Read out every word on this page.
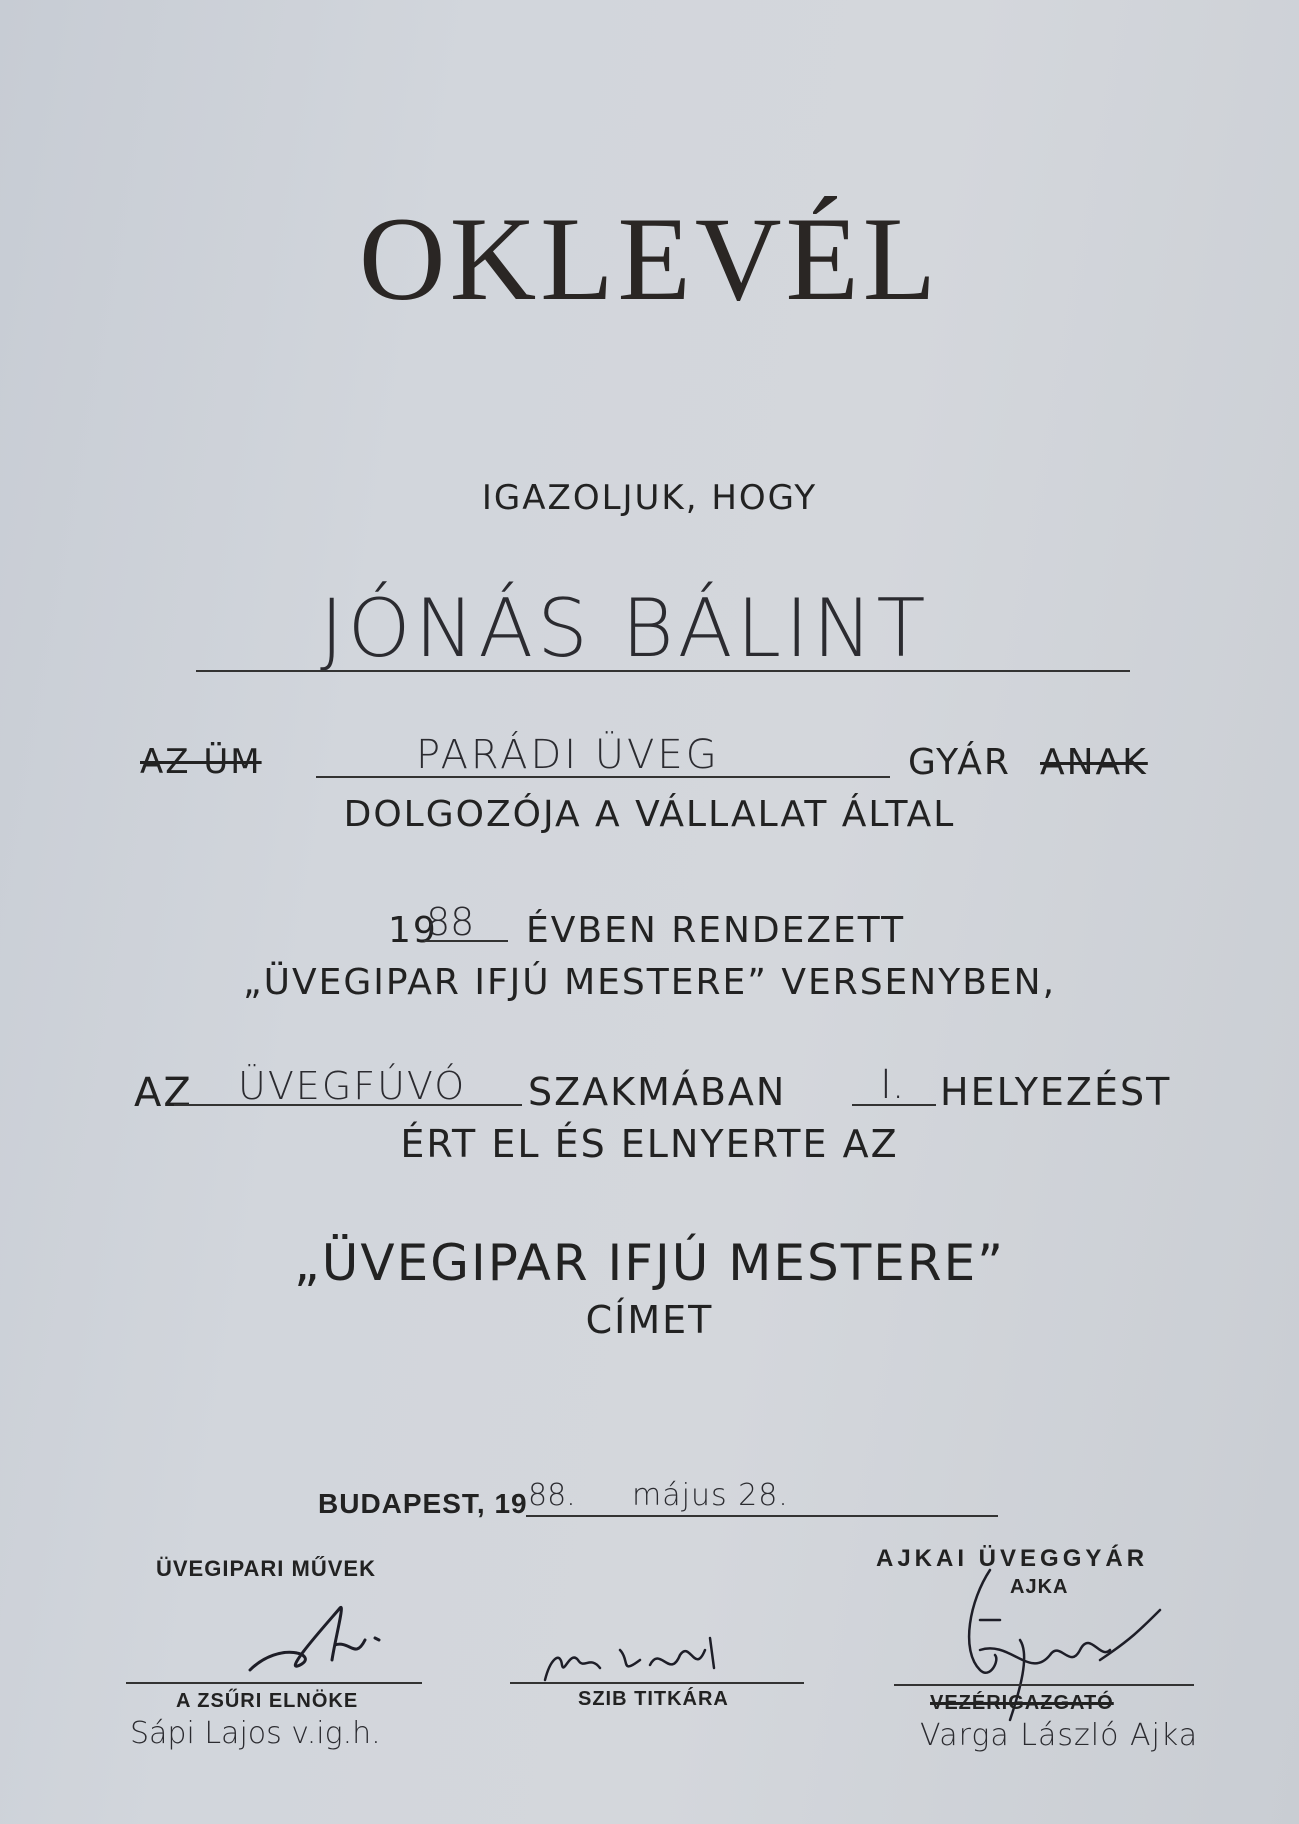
OKLEVÉL
IGAZOLJUK, HOGY
JÓNÁS BÁLINT
AZ ÜM	PARÁDI ÜVEG	GYÁR ANAK
DOLGOZÓJA A VÁLLALAT ÁLTAL
19
88 ÉVBEN RENDEZETT
„ÜVEGIPAR IFJÚ MESTERE” VERSENYBEN,
AZ ÜVEGFÚVÓ SZAKMÁBAN I. HELYEZÉST
ÉRT EL ÉS ELNYERTE AZ
„ÜVEGIPAR IFJÚ MESTERE”
CÍMET
BUDAPEST, 19 88. május 28.
ÜVEGIPARI MŰVEK	AJKAI ÜVEGGYÁR
AJKA
A ZSŰRI ELNÖKE	SZIB TITKÁRA	VEZÉRIGAZGATÓ
Sápi Lajos v.ig.h.	Varga László Ajka
